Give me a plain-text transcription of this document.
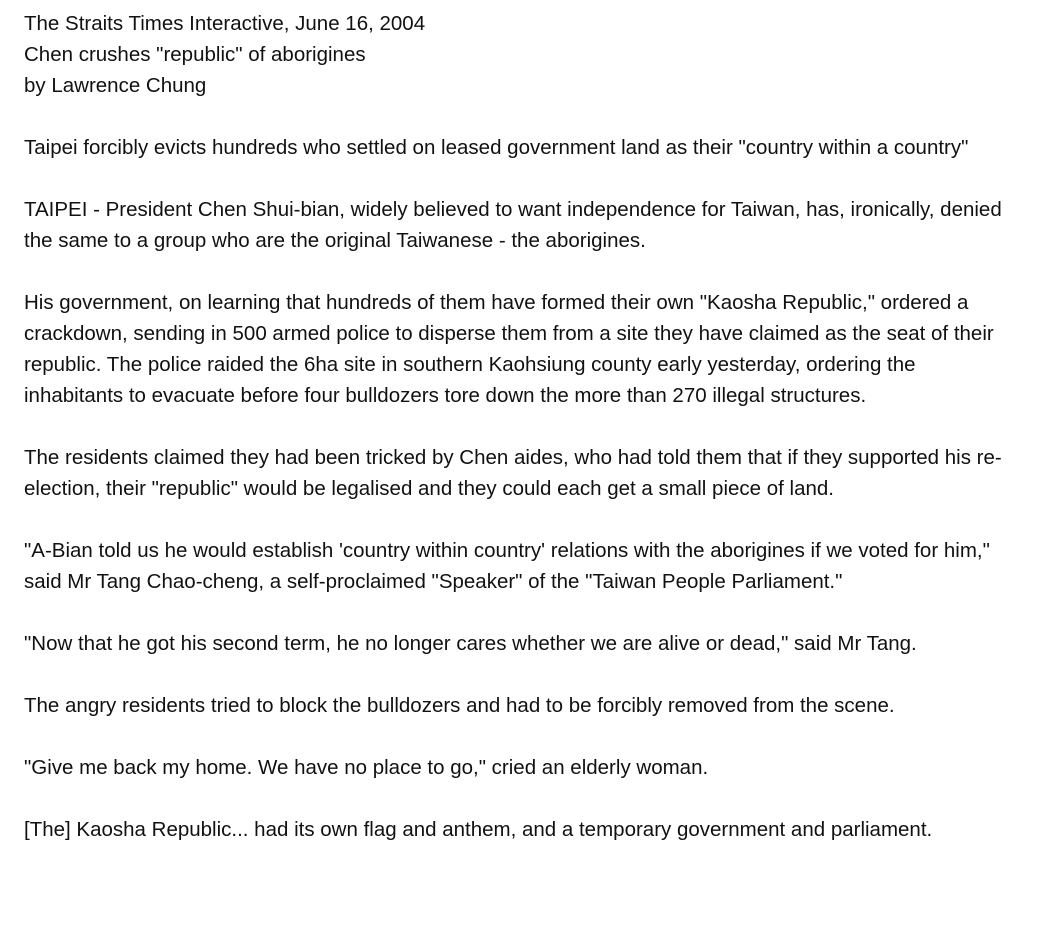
The Straits Times Interactive, June 16, 2004
Chen crushes "republic" of aborigines
by Lawrence Chung

Taipei forcibly evicts hundreds who settled on leased government land as their "country within a country"

TAIPEI - President Chen Shui-bian, widely believed to want independence for Taiwan, has, ironically, denied the same to a group who are the original Taiwanese - the aborigines.

His government, on learning that hundreds of them have formed their own "Kaosha Republic," ordered a crackdown, sending in 500 armed police to disperse them from a site they have claimed as the seat of their republic. The police raided the 6ha site in southern Kaohsiung county early yesterday, ordering the inhabitants to evacuate before four bulldozers tore down the more than 270 illegal structures.

The residents claimed they had been tricked by Chen aides, who had told them that if they supported his re-election, their "republic" would be legalised and they could each get a small piece of land.

"A-Bian told us he would establish 'country within country' relations with the aborigines if we voted for him," said Mr Tang Chao-cheng, a self-proclaimed "Speaker" of the "Taiwan People Parliament."

"Now that he got his second term, he no longer cares whether we are alive or dead," said Mr Tang.

The angry residents tried to block the bulldozers and had to be forcibly removed from the scene.

"Give me back my home. We have no place to go," cried an elderly woman.

[The] Kaosha Republic... had its own flag and anthem, and a temporary government and parliament.
